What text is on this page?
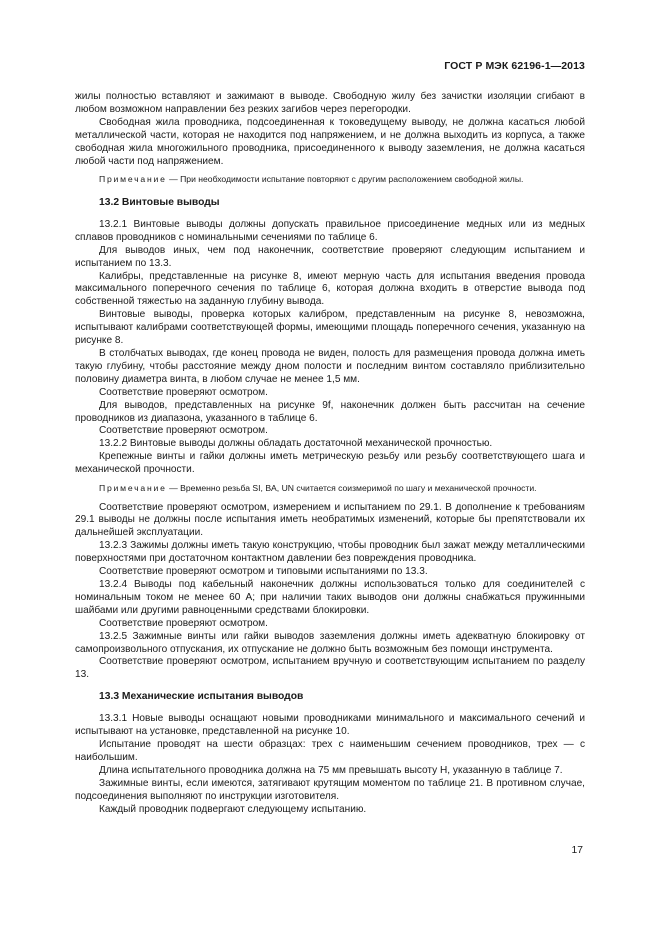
ГОСТ Р МЭК 62196-1—2013

жилы полностью вставляют и зажимают в выводе. Свободную жилу без зачистки изоляции сгибают в любом возможном направлении без резких загибов через перегородки.

Свободная жила проводника, подсоединенная к токоведущему выводу, не должна касаться любой металлической части, которая не находится под напряжением, и не должна выходить из корпуса, а также свободная жила многожильного проводника, присоединенного к выводу заземления, не должна касаться любой части под напряжением.

Примечание — При необходимости испытание повторяют с другим расположением свободной жилы.

13.2 Винтовые выводы

13.2.1 Винтовые выводы должны допускать правильное присоединение медных или из медных сплавов проводников с номинальными сечениями по таблице 6.

Для выводов иных, чем под наконечник, соответствие проверяют следующим испытанием и испытанием по 13.3.

Калибры, представленные на рисунке 8, имеют мерную часть для испытания введения провода максимального поперечного сечения по таблице 6, которая должна входить в отверстие вывода под собственной тяжестью на заданную глубину вывода.

Винтовые выводы, проверка которых калибром, представленным на рисунке 8, невозможна, испытывают калибрами соответствующей формы, имеющими площадь поперечного сечения, указанную на рисунке 8.

В столбчатых выводах, где конец провода не виден, полость для размещения провода должна иметь такую глубину, чтобы расстояние между дном полости и последним винтом составляло приблизительно половину диаметра винта, в любом случае не менее 1,5 мм.

Соответствие проверяют осмотром.

Для выводов, представленных на рисунке 9f, наконечник должен быть рассчитан на сечение проводников из диапазона, указанного в таблице 6.

Соответствие проверяют осмотром.

13.2.2 Винтовые выводы должны обладать достаточной механической прочностью.

Крепежные винты и гайки должны иметь метрическую резьбу или резьбу соответствующего шага и механической прочности.

Примечание — Временно резьба SI, BA, UN считается соизмеримой по шагу и механической прочности.

Соответствие проверяют осмотром, измерением и испытанием по 29.1. В дополнение к требованиям 29.1 выводы не должны после испытания иметь необратимых изменений, которые бы препятствовали их дальнейшей эксплуатации.

13.2.3 Зажимы должны иметь такую конструкцию, чтобы проводник был зажат между металлическими поверхностями при достаточном контактном давлении без повреждения проводника.

Соответствие проверяют осмотром и типовыми испытаниями по 13.3.

13.2.4 Выводы под кабельный наконечник должны использоваться только для соединителей с номинальным током не менее 60 А; при наличии таких выводов они должны снабжаться пружинными шайбами или другими равноценными средствами блокировки.

Соответствие проверяют осмотром.

13.2.5 Зажимные винты или гайки выводов заземления должны иметь адекватную блокировку от самопроизвольного отпускания, их отпускание не должно быть возможным без помощи инструмента.

Соответствие проверяют осмотром, испытанием вручную и соответствующим испытанием по разделу 13.

13.3 Механические испытания выводов

13.3.1 Новые выводы оснащают новыми проводниками минимального и максимального сечений и испытывают на установке, представленной на рисунке 10.

Испытание проводят на шести образцах: трех с наименьшим сечением проводников, трех — с наибольшим.

Длина испытательного проводника должна на 75 мм превышать высоту H, указанную в таблице 7.

Зажимные винты, если имеются, затягивают крутящим моментом по таблице 21. В противном случае, подсоединения выполняют по инструкции изготовителя.

Каждый проводник подвергают следующему испытанию.

17
